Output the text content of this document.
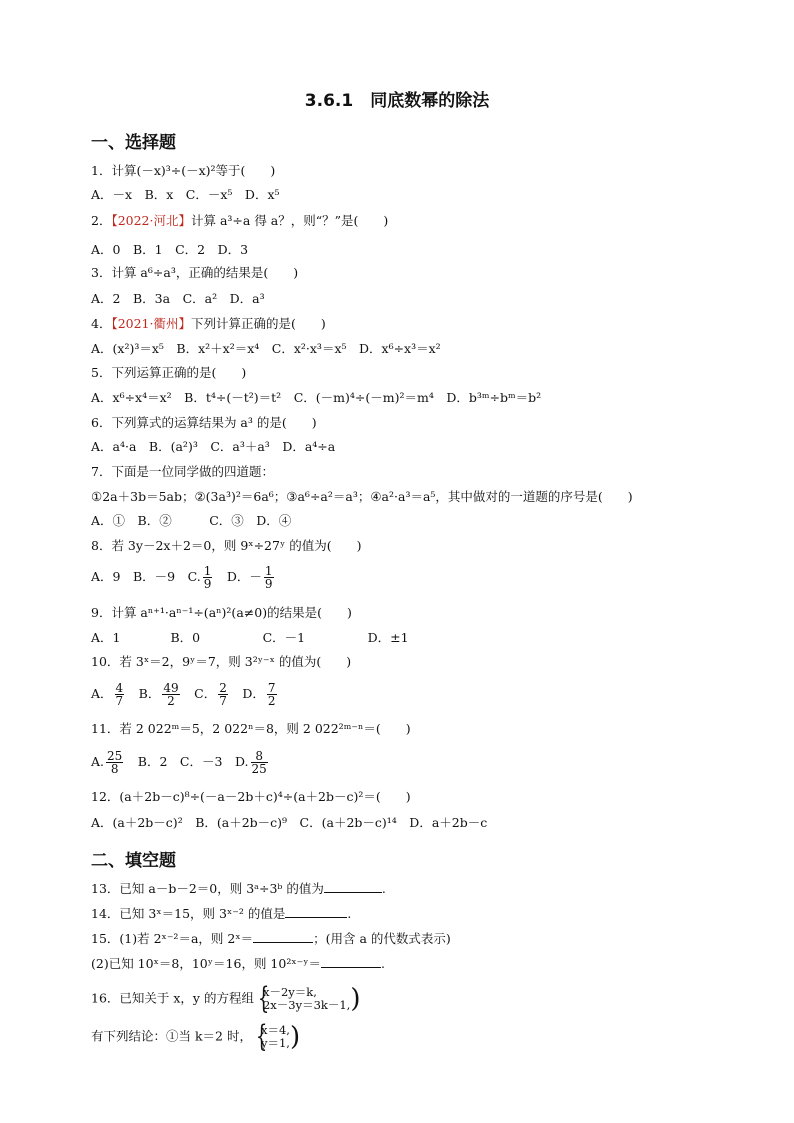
3.6.1　同底数幂的除法
一、选择题
1．计算(－x)³÷(－x)²等于(　　)
A．－x　B．x　C．－x⁵　D．x⁵
2．【2022·河北】计算 a³÷a 得 a？，则“？”是(　　)
A．0　B．1　C．2　D．3
3．计算 a⁶÷a³，正确的结果是(　　)
A．2　B．3a　C．a²　D．a³
4．【2021·衢州】下列计算正确的是(　　)
A．(x²)³＝x⁵　B．x²＋x²＝x⁴　C．x²·x³＝x⁵　D．x⁶÷x³＝x²
5．下列运算正确的是(　　)
A．x⁶÷x⁴＝x²　B．t⁴÷(－t²)＝t²　C．(－m)⁴÷(－m)²＝m⁴　D．b³ᵐ÷bᵐ＝b²
6．下列算式的运算结果为 a³ 的是(　　)
A．a⁴·a　B．(a²)³　C．a³＋a³　D．a⁴÷a
7．下面是一位同学做的四道题：
①2a＋3b＝5ab；②(3a³)²＝6a⁶；③a⁶÷a²＝a³；④a²·a³＝a⁵，其中做对的一道题的序号是(　　)
A．①　B．②　　　C．③　D．④
8．若 3y－2x＋2＝0，则 9ˣ÷27ʸ 的值为(　　)
A．9　B．－9　C. $\frac{1}{9}$ 　D．－ $\frac{1}{9}$
9．计算 aⁿ⁺¹·aⁿ⁻¹÷(aⁿ)²(a≠0)的结果是(　　)
A．1　　　　B．0　　　　　C．－1　　　　　D．±1
10．若 3ˣ＝2，9ʸ＝7，则 3²ʸ⁻ˣ 的值为(　　)
A． $\frac{4}{7}$ 　B． $\frac{49}{2}$ 　C． $\frac{2}{7}$ 　D． $\frac{7}{2}$
11．若 2 022ᵐ＝5，2 022ⁿ＝8，则 2 022²ᵐ⁻ⁿ＝(　　)
A. $\frac{25}{8}$ 　B．2　C．－3　D. $\frac{8}{25}$
12．(a＋2b－c)⁸÷(－a－2b＋c)⁴÷(a＋2b－c)²＝(　　)
A．(a＋2b－c)²　B．(a＋2b－c)⁹　C．(a＋2b－c)¹⁴　D．a＋2b－c
二、填空题
13．已知 a－b－2＝0，则 3ᵃ÷3ᵇ 的值为	.
14．已知 3ˣ＝15，则 3ˣ⁻² 的值是	.
15．(1)若 2ˣ⁻²＝a，则 2ˣ＝	；(用含 a 的代数式表示)
(2)已知 10ˣ＝8，10ʸ＝16，则 10²ˣ⁻ʸ＝	.
16．已知关于 x，y 的方程组 {
x－2y＝k,
2x－3y＝3k－1, )
有下列结论：①当 k＝2 时， {
x＝4,
y＝1, )
